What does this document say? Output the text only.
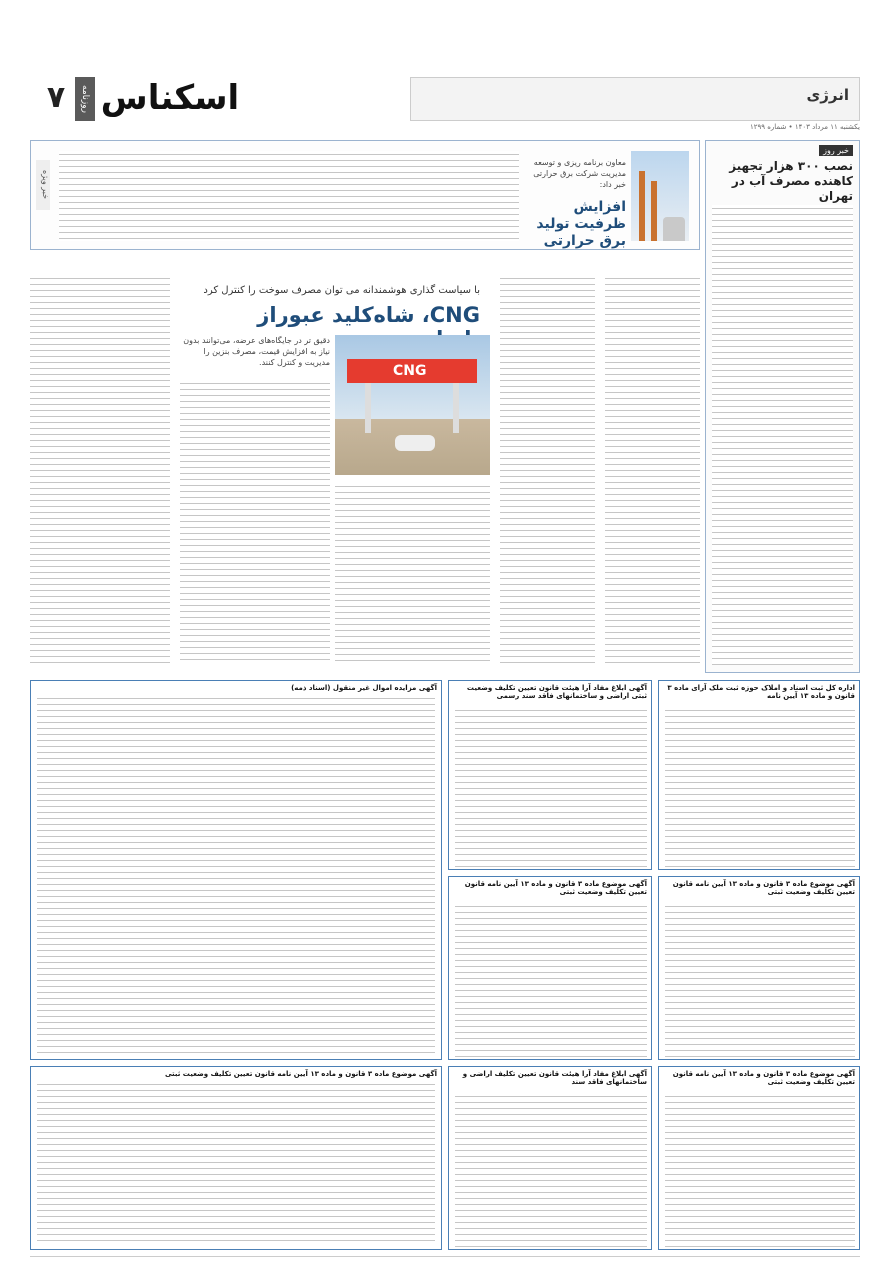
۷	روزنامه اسکناس	انرژی
یکشنبه ۱۱ مرداد ۱۴۰۳ • شماره ۱۲۹۹
خبر روز
نصب ۳۰۰ هزار تجهیز کاهنده مصرف آب در تهران
معاون برنامه ریزی و توسعه مدیریت شرکت برق حرارتی خبر داد:
افزایش ظرفیت تولید برق حرارتی
خبر ویژه
با سیاست گذاری هوشمندانه می توان مصرف سوخت را کنترل کرد
CNG، شاه‌کلید عبوراز
دقیق تر در جایگاه‌های عرضه، می‌توانند بدون نیاز به افزایش قیمت، مصرف بنزین را مدیریت و کنترل کنند.
CNG
آگهی مزایده اموال غیر منقول (اسناد ذمه)	آگهی ابلاغ مفاد آرا هیئت قانون تعیین تکلیف وضعیت ثبتی اراضی و ساختمانهای فاقد سند رسمی
اداره کل ثبت اسناد و املاک حوزه ثبت ملک آرای ماده ۳ قانون و ماده ۱۳ آیین نامه
آگهی موضوع ماده ۳ قانون و ماده ۱۳ آیین نامه قانون تعیین تکلیف وضعیت ثبتی
آگهی موضوع ماده ۳ قانون و ماده ۱۳ آیین نامه قانون تعیین تکلیف وضعیت ثبتی
آگهی موضوع ماده ۳ قانون و ماده ۱۳ آیین نامه قانون تعیین تکلیف وضعیت ثبتی	آگهی ابلاغ مفاد آرا هیئت قانون تعیین تکلیف اراضی و ساختمانهای فاقد سند
آگهی موضوع ماده ۳ قانون و ماده ۱۳ آیین نامه قانون تعیین تکلیف وضعیت ثبتی
